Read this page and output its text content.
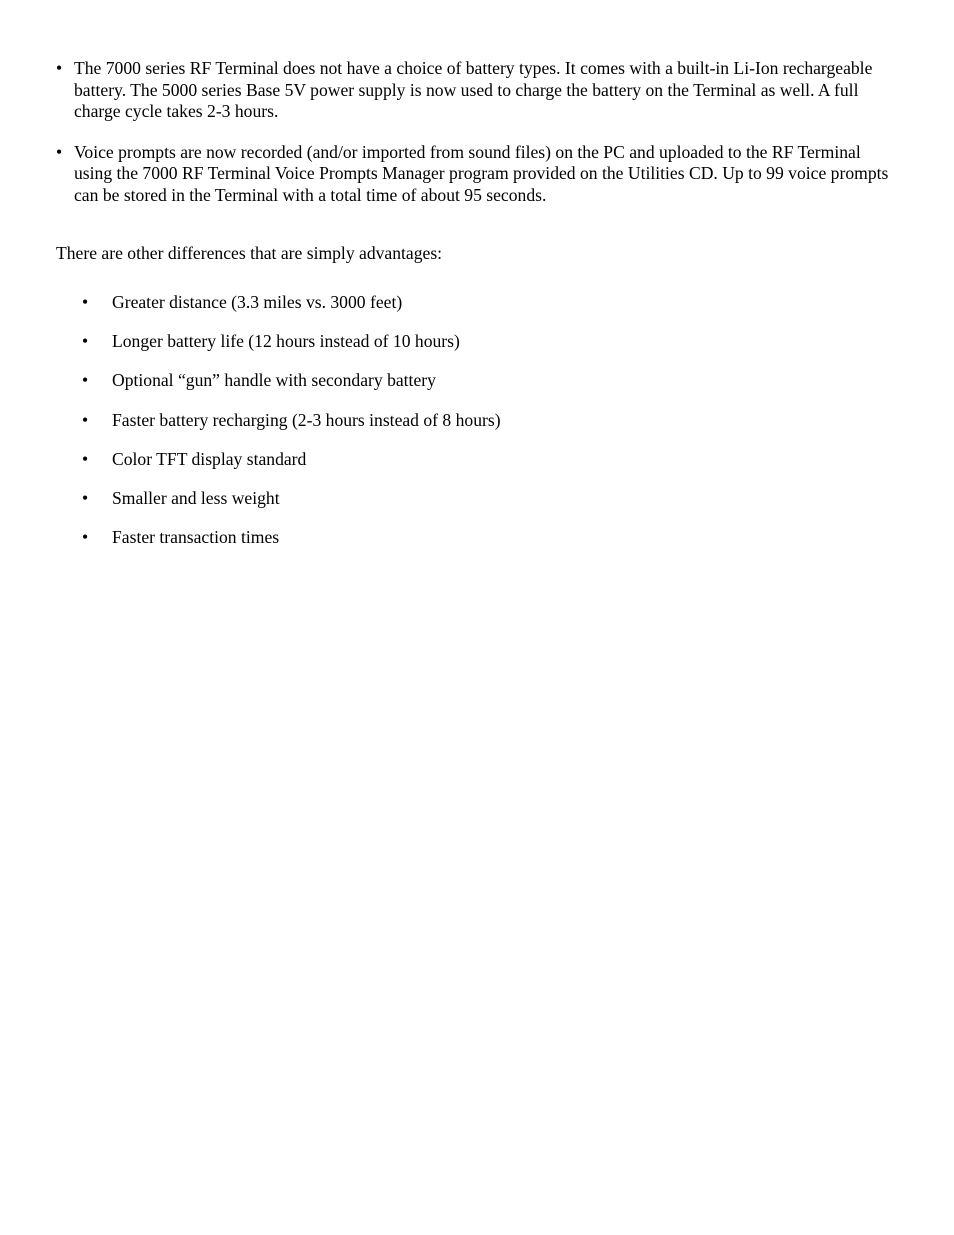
• The 7000 series RF Terminal does not have a choice of battery types. It comes with a built-in Li-Ion rechargeable battery. The 5000 series Base 5V power supply is now used to charge the battery on the Terminal as well. A full charge cycle takes 2-3 hours.
• Voice prompts are now recorded (and/or imported from sound files) on the PC and uploaded to the RF Terminal using the 7000 RF Terminal Voice Prompts Manager program provided on the Utilities CD. Up to 99 voice prompts can be stored in the Terminal with a total time of about 95 seconds.

There are other differences that are simply advantages:

• Greater distance (3.3 miles vs. 3000 feet)
• Longer battery life (12 hours instead of 10 hours)
• Optional “gun” handle with secondary battery
• Faster battery recharging (2-3 hours instead of 8 hours)
• Color TFT display standard
• Smaller and less weight
• Faster transaction times
